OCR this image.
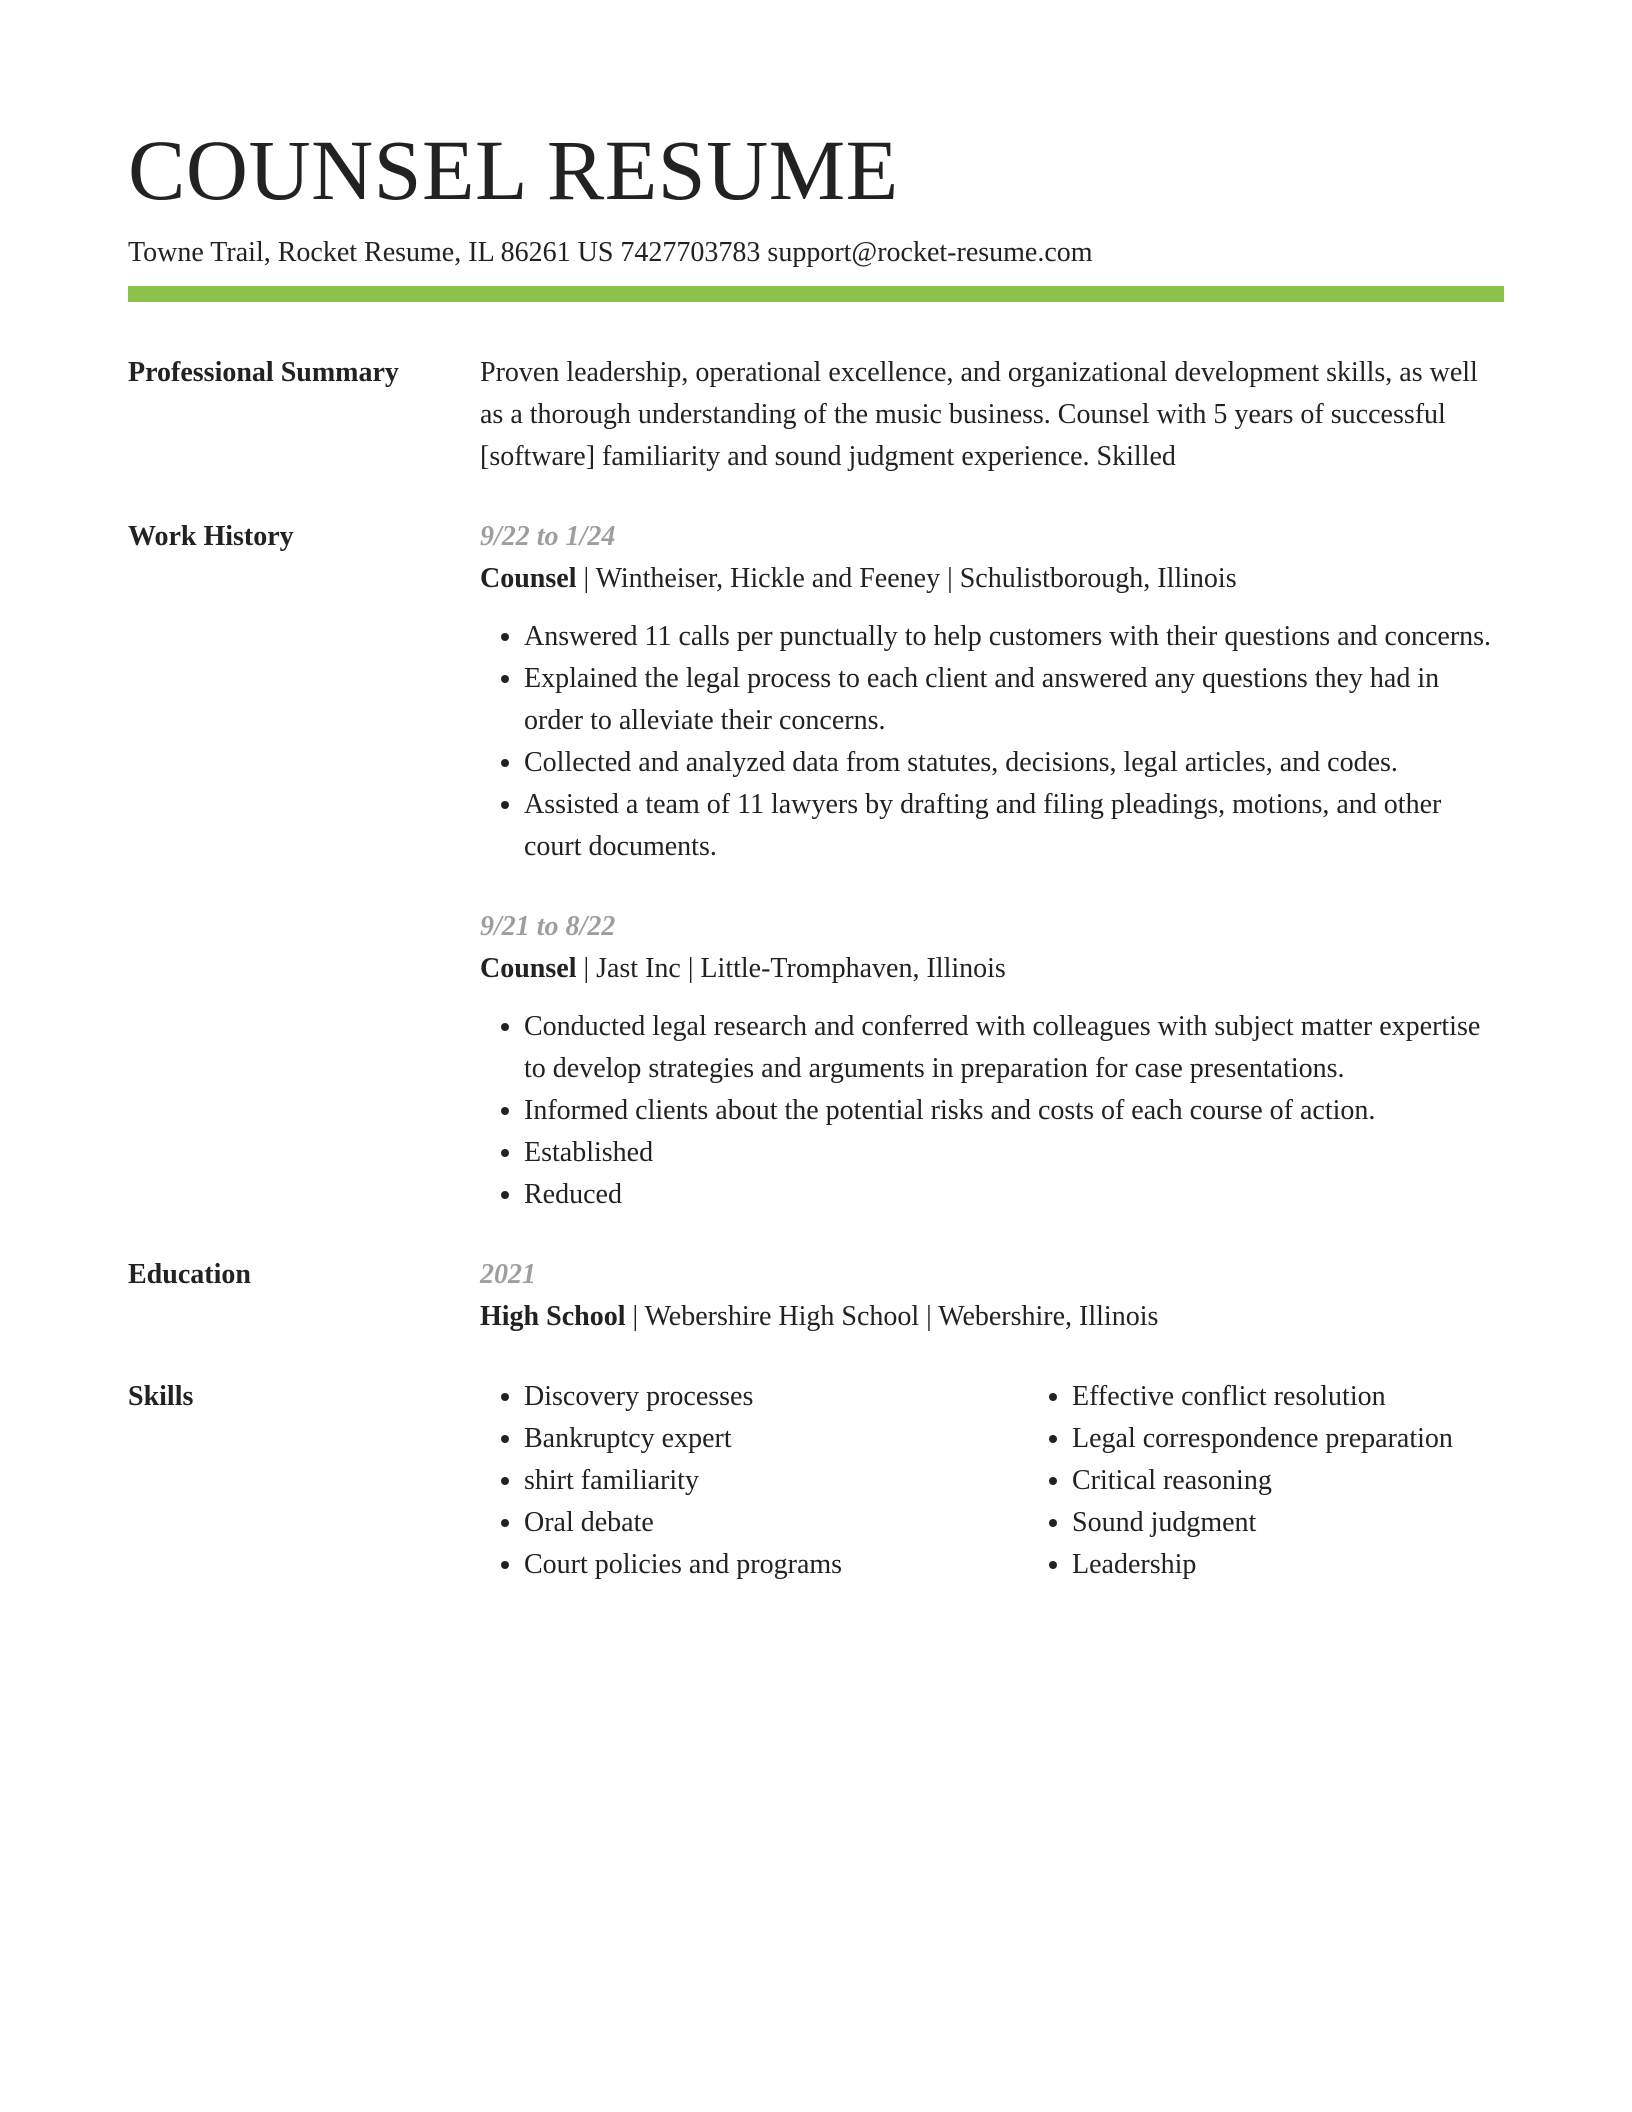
COUNSEL RESUME
Towne Trail, Rocket Resume, IL 86261 US 7427703783 support@rocket-resume.com
Professional Summary	Proven leadership, operational excellence, and organizational development skills, as well as a thorough understanding of the music business. Counsel with 5 years of successful [software] familiarity and sound judgment experience. Skilled
Work History	9/22 to 1/24
Counsel | Wintheiser, Hickle and Feeney | Schulistborough, Illinois
• Answered 11 calls per punctually to help customers with their questions and concerns.
• Explained the legal process to each client and answered any questions they had in order to alleviate their concerns.
• Collected and analyzed data from statutes, decisions, legal articles, and codes.
• Assisted a team of 11 lawyers by drafting and filing pleadings, motions, and other court documents.
9/21 to 8/22
Counsel | Jast Inc | Little-Tromphaven, Illinois
• Conducted legal research and conferred with colleagues with subject matter expertise to develop strategies and arguments in preparation for case presentations.
• Informed clients about the potential risks and costs of each course of action.
• Established
• Reduced
Education	2021
High School | Webershire High School | Webershire, Illinois
Skills
•	Discovery processes
• Bankruptcy expert
• shirt familiarity
• Oral debate
• Court policies and programs
• Effective conflict resolution
• Legal correspondence preparation
• Critical reasoning
• Sound judgment
• Leadership
